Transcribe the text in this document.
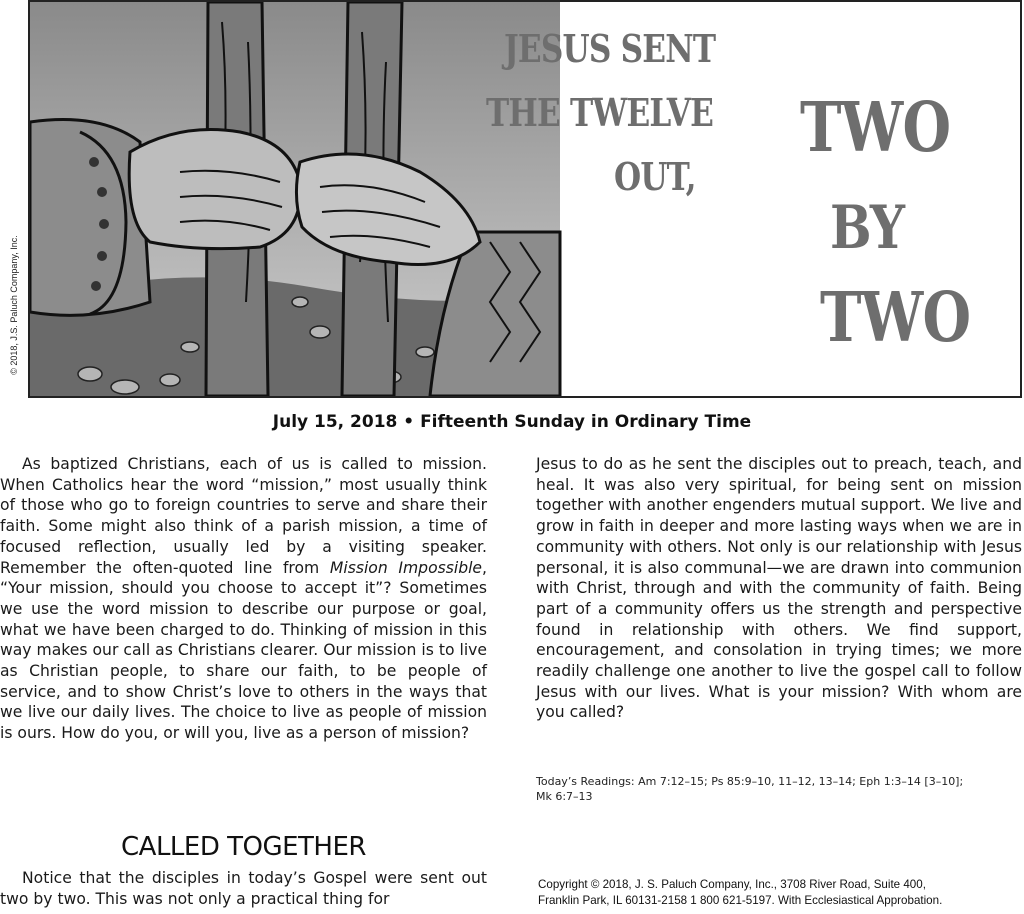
© 2018, J.S. Paluch Company, Inc.
JESUS SENT
THE TWELVE
OUT,
TWO
BY
TWO
July 15, 2018 • Fifteenth Sunday in Ordinary Time

As baptized Christians, each of us is called to mission. When Catholics hear the word “mission,” most usually think of those who go to foreign countries to serve and share their faith. Some might also think of a parish mission, a time of focused reflection, usually led by a visiting speaker. Remember the often-quoted line from Mission Impossible, “Your mission, should you choose to accept it”? Sometimes we use the word mission to describe our purpose or goal, what we have been charged to do. Thinking of mission in this way makes our call as Christians clearer. Our mission is to live as Christian people, to share our faith, to be people of service, and to show Christ’s love to others in the ways that we live our daily lives. The choice to live as people of mission is ours. How do you, or will you, live as a person of mission?

CALLED TOGETHER

Notice that the disciples in today’s Gospel were sent out two by two. This was not only a practical thing for

Jesus to do as he sent the disciples out to preach, teach, and heal. It was also very spiritual, for being sent on mission together with another engenders mutual support. We live and grow in faith in deeper and more lasting ways when we are in community with others. Not only is our relationship with Jesus personal, it is also communal—we are drawn into communion with Christ, through and with the community of faith. Being part of a community offers us the strength and perspective found in relationship with others. We find support, encouragement, and consolation in trying times; we more readily challenge one another to live the gospel call to follow Jesus with our lives. What is your mission? With whom are you called?

Today’s Readings: Am 7:12–15; Ps 85:9–10, 11–12, 13–14; Eph 1:3–14 [3–10];
Mk 6:7–13
Copyright © 2018, J. S. Paluch Company, Inc., 3708 River Road, Suite 400,
Franklin Park, IL 60131-2158 1 800 621-5197. With Ecclesiastical Approbation.
